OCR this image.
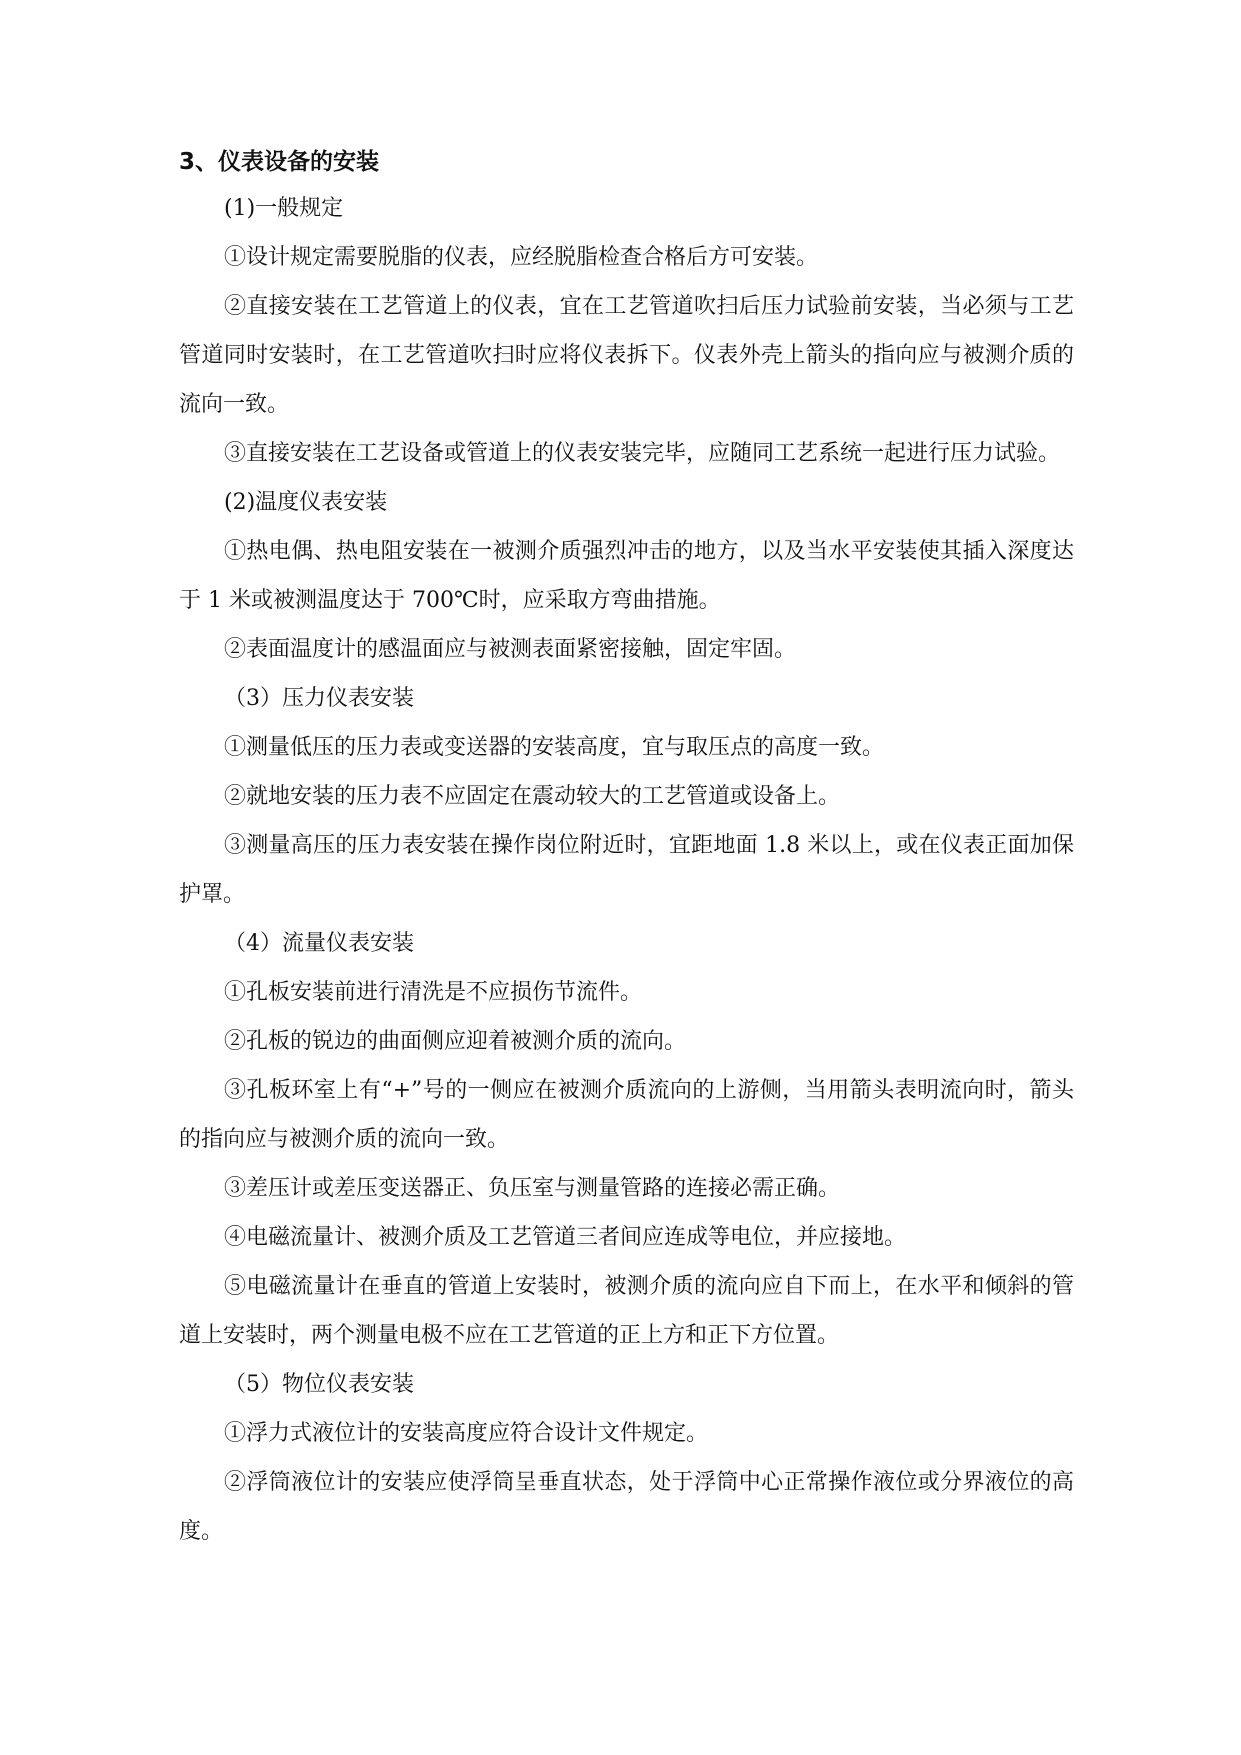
3、仪表设备的安装

(1)一般规定

①设计规定需要脱脂的仪表，应经脱脂检查合格后方可安装。

②直接安装在工艺管道上的仪表，宜在工艺管道吹扫后压力试验前安装，当必须与工艺管道同时安装时，在工艺管道吹扫时应将仪表拆下。仪表外壳上箭头的指向应与被测介质的流向一致。

③直接安装在工艺设备或管道上的仪表安装完毕，应随同工艺系统一起进行压力试验。

(2)温度仪表安装

①热电偶、热电阻安装在一被测介质强烈冲击的地方，以及当水平安装使其插入深度达于 1 米或被测温度达于 700℃时，应采取方弯曲措施。

②表面温度计的感温面应与被测表面紧密接触，固定牢固。

（3）压力仪表安装

①测量低压的压力表或变送器的安装高度，宜与取压点的高度一致。

②就地安装的压力表不应固定在震动较大的工艺管道或设备上。

③测量高压的压力表安装在操作岗位附近时，宜距地面 1.8 米以上，或在仪表正面加保护罩。

（4）流量仪表安装

①孔板安装前进行清洗是不应损伤节流件。

②孔板的锐边的曲面侧应迎着被测介质的流向。

③孔板环室上有“+”号的一侧应在被测介质流向的上游侧，当用箭头表明流向时，箭头的指向应与被测介质的流向一致。

③差压计或差压变送器正、负压室与测量管路的连接必需正确。

④电磁流量计、被测介质及工艺管道三者间应连成等电位，并应接地。

⑤电磁流量计在垂直的管道上安装时，被测介质的流向应自下而上，在水平和倾斜的管道上安装时，两个测量电极不应在工艺管道的正上方和正下方位置。

（5）物位仪表安装

①浮力式液位计的安装高度应符合设计文件规定。

②浮筒液位计的安装应使浮筒呈垂直状态，处于浮筒中心正常操作液位或分界液位的高度。
